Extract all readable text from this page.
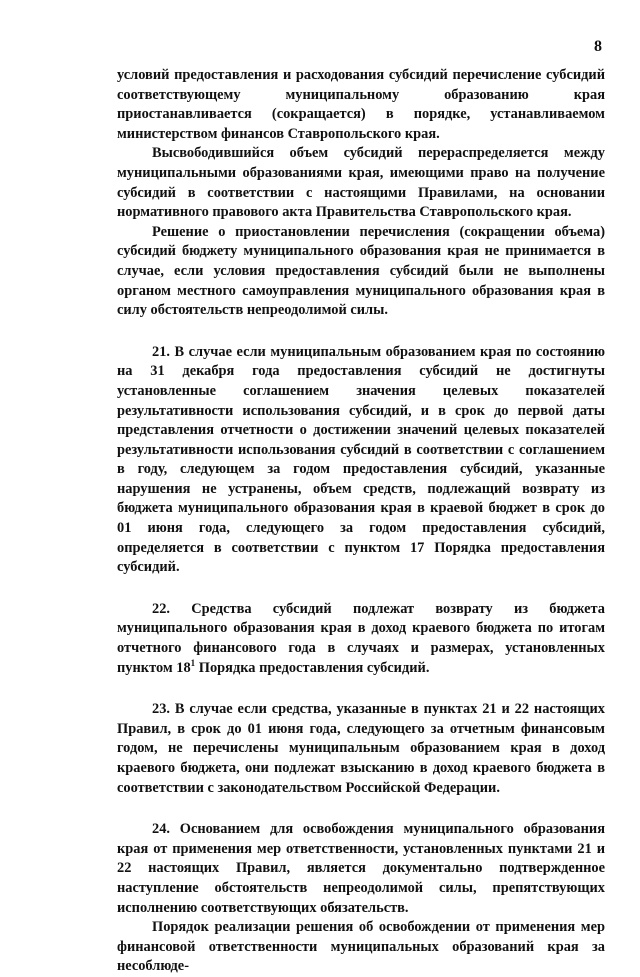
8

условий предоставления и расходования субсидий перечисление субсидий соответствующему муниципальному образованию края приостанавливается (сокращается) в порядке, устанавливаемом министерством финансов Ставропольского края.

Высвободившийся объем субсидий перераспределяется между муниципальными образованиями края, имеющими право на получение субсидий в соответствии с настоящими Правилами, на основании нормативного правового акта Правительства Ставропольского края.

Решение о приостановлении перечисления (сокращении объема) субсидий бюджету муниципального образования края не принимается в случае, если условия предоставления субсидий были не выполнены органом местного самоуправления муниципального образования края в силу обстоятельств непреодолимой силы.

21. В случае если муниципальным образованием края по состоянию на 31 декабря года предоставления субсидий не достигнуты установленные соглашением значения целевых показателей результативности использования субсидий, и в срок до первой даты представления отчетности о достижении значений целевых показателей результативности использования субсидий в соответствии с соглашением в году, следующем за годом предоставления субсидий, указанные нарушения не устранены, объем средств, подлежащий возврату из бюджета муниципального образования края в краевой бюджет в срок до 01 июня года, следующего за годом предоставления субсидий, определяется в соответствии с пунктом 17 Порядка предоставления субсидий.

22. Средства субсидий подлежат возврату из бюджета муниципального образования края в доход краевого бюджета по итогам отчетного финансового года в случаях и размерах, установленных пунктом $18^1$ Порядка предоставления субсидий.

23. В случае если средства, указанные в пунктах 21 и 22 настоящих Правил, в срок до 01 июня года, следующего за отчетным финансовым годом, не перечислены муниципальным образованием края в доход краевого бюджета, они подлежат взысканию в доход краевого бюджета в соответствии с законодательством Российской Федерации.

24. Основанием для освобождения муниципального образования края от применения мер ответственности, установленных пунктами 21 и 22 настоящих Правил, является документально подтвержденное наступление обстоятельств непреодолимой силы, препятствующих исполнению соответствующих обязательств.

Порядок реализации решения об освобождении от применения мер финансовой ответственности муниципальных образований края за несоблюде-
